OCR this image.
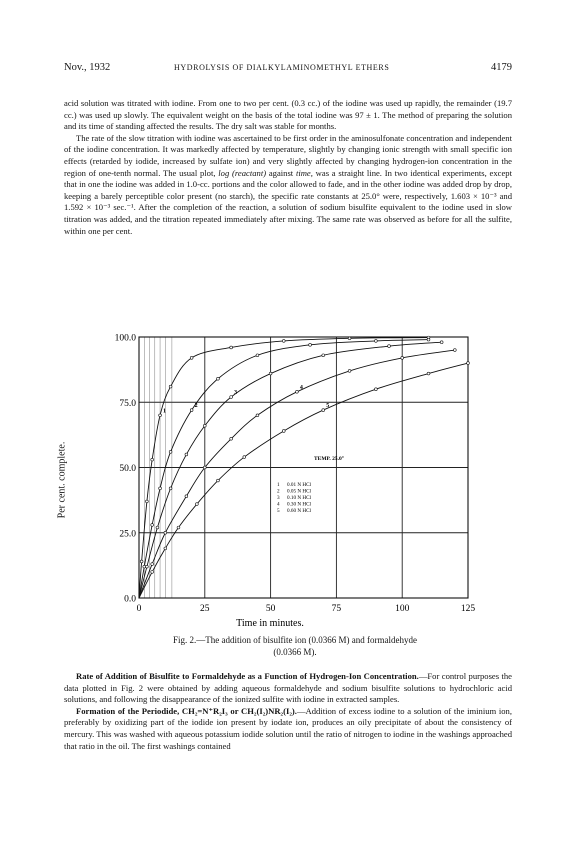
Nov., 1932	HYDROLYSIS OF DIALKYLAMINOMETHYL ETHERS	4179

acid solution was titrated with iodine. From one to two per cent. (0.3 cc.) of the iodine was used up rapidly, the remainder (19.7 cc.) was used up slowly. The equivalent weight on the basis of the total iodine was 97 ± 1. The method of preparing the solution and its time of standing affected the results. The dry salt was stable for months.

The rate of the slow titration with iodine was ascertained to be first order in the aminosulfonate concentration and independent of the iodine concentration. It was markedly affected by temperature, slightly by changing ionic strength with small specific ion effects (retarded by iodide, increased by sulfate ion) and very slightly affected by changing hydrogen-ion concentration in the region of one-tenth normal. The usual plot, log (reactant) against time, was a straight line. In two identical experiments, except that in one the iodine was added in 1.0-cc. portions and the color allowed to fade, and in the other iodine was added drop by drop, keeping a barely perceptible color present (no starch), the specific rate constants at 25.0° were, respectively, 1.603 × 10⁻³ and 1.592 × 10⁻³ sec.⁻¹. After the completion of the reaction, a solution of sodium bisulfite equivalent to the iodine used in slow titration was added, and the titration repeated immediately after mixing. The same rate was observed as before for all the sulfite, within one per cent.

1
2
3
4
5
0	25	50	75	100	125
0.0
25.0
50.0
75.0
100.0
TEMP. 25.0°
1 0.01 N HCl
2 0.05 N HCl
3 0.10 N HCl
4 0.30 N HCl
5 0.60 N HCl
Time in minutes.
Per cent. complete.
Fig. 2.—The addition of bisulfite ion (0.0366 M) and formaldehyde
(0.0366 M).

Rate of Addition of Bisulfite to Formaldehyde as a Function of Hydrogen-Ion Concentration.—For control purposes the data plotted in Fig. 2 were obtained by adding aqueous formaldehyde and sodium bisulfite solutions to hydrochloric acid solutions, and following the disappearance of the ionized sulfite with iodine in extracted samples.

Formation of the Periodide, CH₂=N⁺R₂I₃ or CH₂(I₂)NR₂(I₂).—Addition of excess iodine to a solution of the iminium ion, preferably by oxidizing part of the iodide ion present by iodate ion, produces an oily precipitate of about the consistency of mercury. This was washed with aqueous potassium iodide solution until the ratio of nitrogen to iodine in the washings approached that ratio in the oil. The first washings contained
